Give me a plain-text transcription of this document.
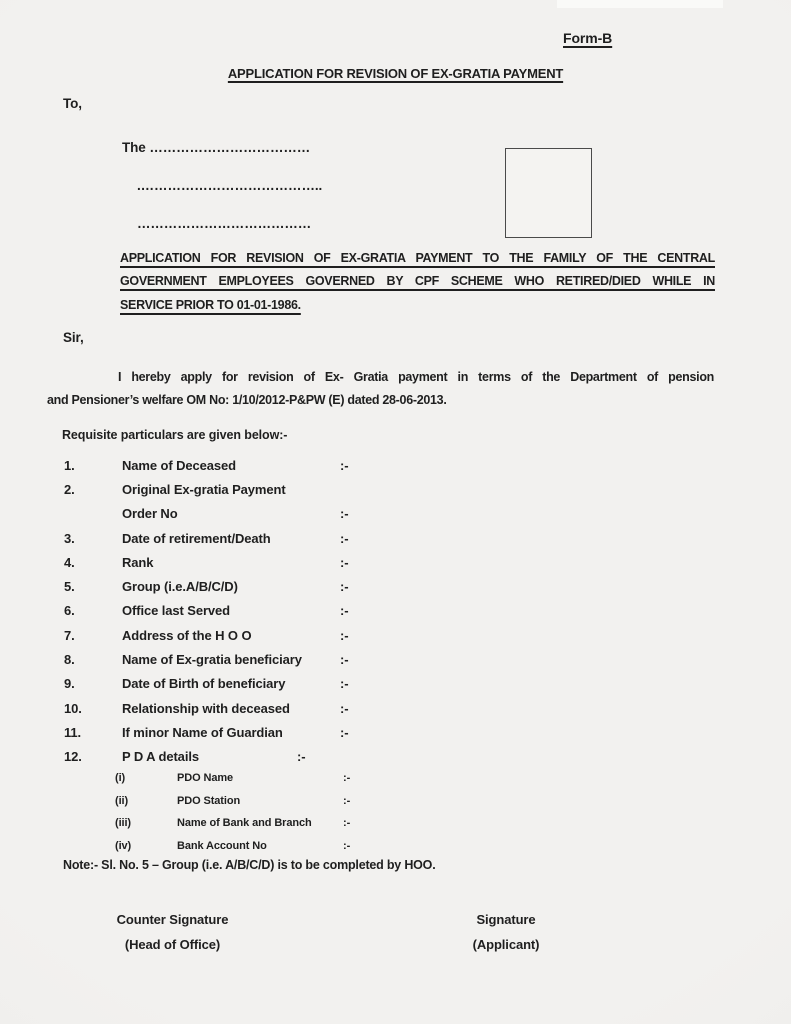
Form-B
APPLICATION FOR REVISION OF EX-GRATIA PAYMENT
To,
The ………………………………
.…………………………………..
…………………………………
APPLICATION FOR REVISION OF EX-GRATIA PAYMENT TO THE FAMILY OF THE CENTRAL
GOVERNMENT EMPLOYEES GOVERNED BY CPF SCHEME WHO RETIRED/DIED WHILE IN
SERVICE PRIOR TO 01-01-1986.
Sir,
I hereby apply for revision of Ex- Gratia payment in terms of the Department of pension
and Pensioner’s welfare OM No: 1/10/2012-P&PW (E) dated 28-06-2013.
Requisite particulars are given below:-
1.	Name of Deceased	:-
2.	Original Ex-gratia Payment
Order No	:-
3.	Date of retirement/Death	:-
4.	Rank	:-
5.	Group (i.e.A/B/C/D)	:-
6.	Office last Served	:-
7.	Address of the H O O	:-
8.	Name of Ex-gratia beneficiary	:-
9.	Date of Birth of beneficiary	:-
10.	Relationship with deceased	:-
11.	If minor Name of Guardian	:-
12.	P D A details	:-
(i)	PDO Name	:-
(ii)	PDO Station	:-
(iii)	Name of Bank and Branch	:-
(iv)	Bank Account No	:-
Note:- Sl. No. 5 – Group (i.e. A/B/C/D) is to be completed by HOO.
Counter Signature
(Head of Office)
Signature
(Applicant)
